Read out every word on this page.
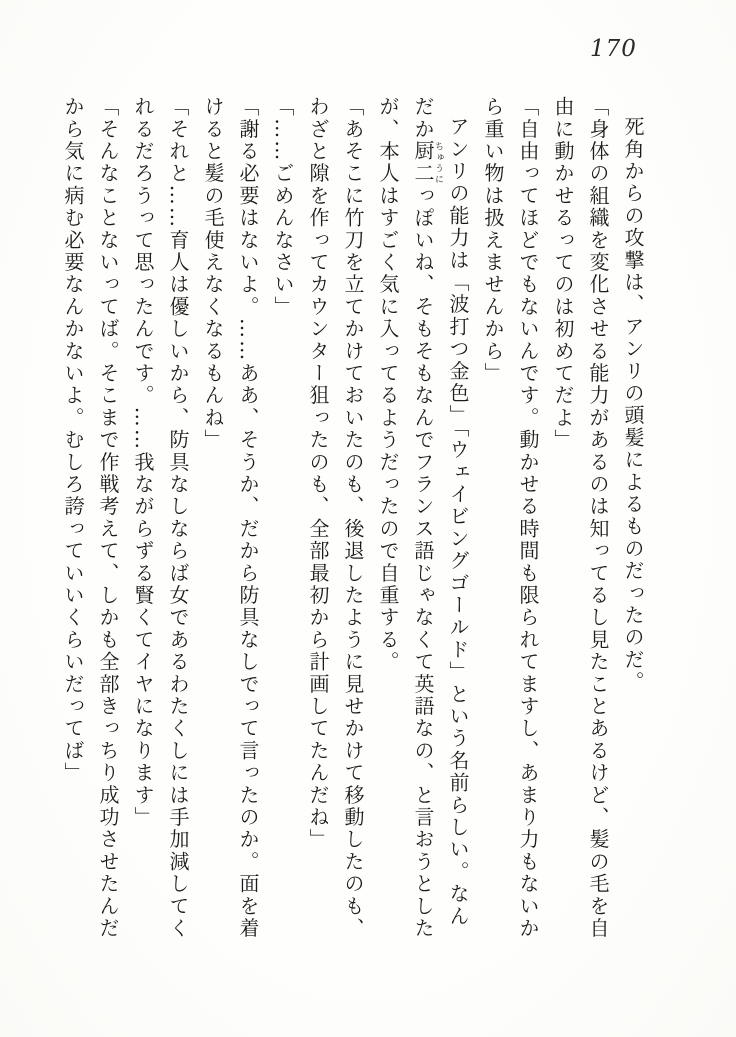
170

死角からの攻撃は、アンリの頭髪によるものだったのだ。

「身体の組織を変化させる能力があるのは知ってるし見たことあるけど、髪の毛を自由に動かせるってのは初めてだよ」

「自由ってほどでもないんです。動かせる時間も限られてますし、あまり力もないから重い物は扱えませんから」

アンリの能力は「波打つ金色」「ウェイビングゴールド」という名前らしい。なんだか厨二ちゅうにっぽいね、そもそもなんでフランス語じゃなくて英語なの、と言おうとしたが、本人はすごく気に入ってるようだったので自重する。

「あそこに竹刀を立てかけておいたのも、後退したように見せかけて移動したのも、わざと隙を作ってカウンター狙ったのも、全部最初から計画してたんだね」

「……ごめんなさい」

「謝る必要はないよ。……ああ、そうか、だから防具なしでって言ったのか。面を着けると髪の毛使えなくなるもんね」

「それと……育人は優しいから、防具なしならば女であるわたくしには手加減してくれるだろうって思ったんです。……我ながらずる賢くてイヤになります」

「そんなことないってば。そこまで作戦考えて、しかも全部きっちり成功させたんだから気に病む必要なんかないよ。むしろ誇っていいくらいだってば」
